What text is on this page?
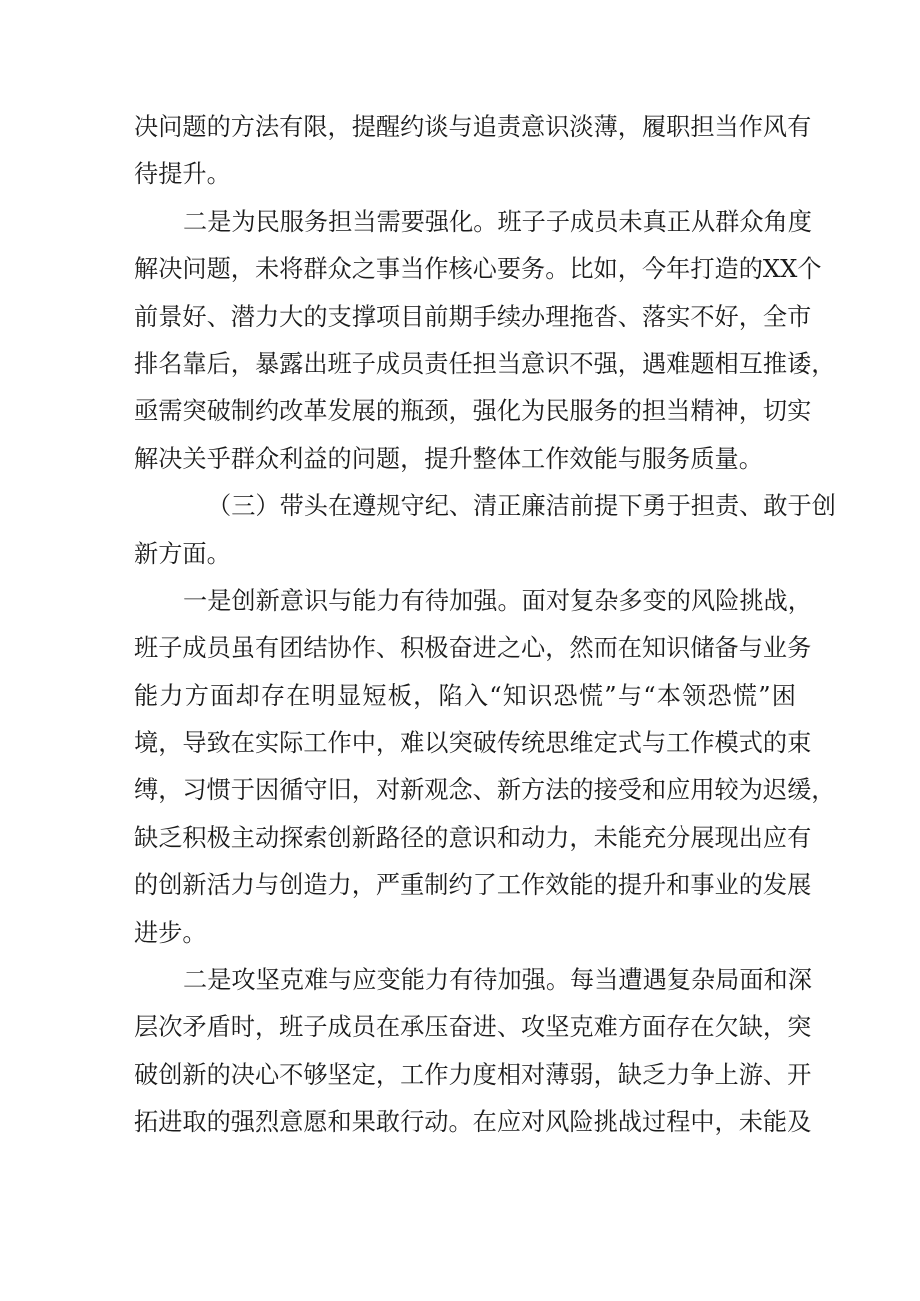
决问题的方法有限，提醒约谈与追责意识淡薄，履职担当作风有
待提升。
二是为民服务担当需要强化。班子子成员未真正从群众角度
解决问题，未将群众之事当作核心要务。比如，今年打造的XX个
前景好、潜力大的支撑项目前期手续办理拖沓、落实不好，全市
排名靠后，暴露出班子成员责任担当意识不强，遇难题相互推诿，
亟需突破制约改革发展的瓶颈，强化为民服务的担当精神，切实
解决关乎群众利益的问题，提升整体工作效能与服务质量。
（三）带头在遵规守纪、清正廉洁前提下勇于担责、敢于创
新方面。
一是创新意识与能力有待加强。面对复杂多变的风险挑战，
班子成员虽有团结协作、积极奋进之心，然而在知识储备与业务
能力方面却存在明显短板，陷入“知识恐慌”与“本领恐慌”困
境，导致在实际工作中，难以突破传统思维定式与工作模式的束
缚，习惯于因循守旧，对新观念、新方法的接受和应用较为迟缓，
缺乏积极主动探索创新路径的意识和动力，未能充分展现出应有
的创新活力与创造力，严重制约了工作效能的提升和事业的发展
进步。
二是攻坚克难与应变能力有待加强。每当遭遇复杂局面和深
层次矛盾时，班子成员在承压奋进、攻坚克难方面存在欠缺，突
破创新的决心不够坚定，工作力度相对薄弱，缺乏力争上游、开
拓进取的强烈意愿和果敢行动。在应对风险挑战过程中，未能及
